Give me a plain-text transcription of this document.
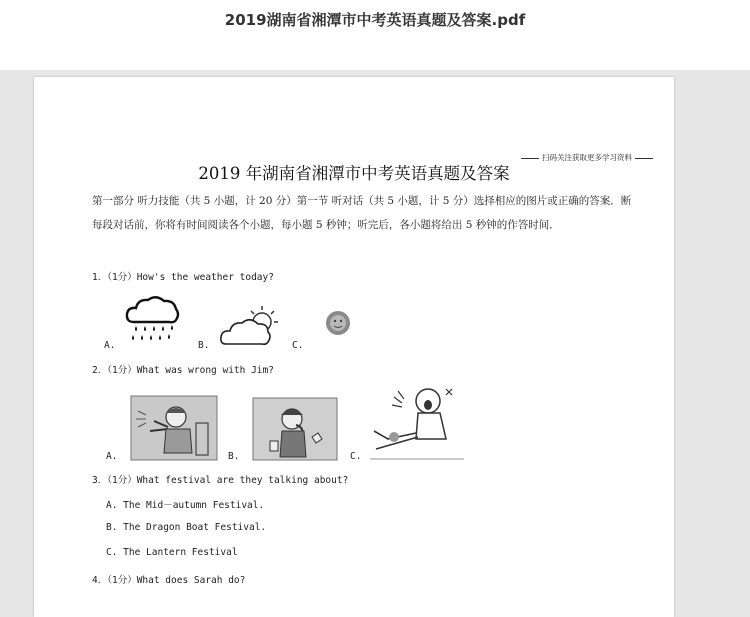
2019湖南省湘潭市中考英语真题及答案.pdf
扫码关注获取更多学习资料
2019 年湖南省湘潭市中考英语真题及答案
第一部分 听力技能（共 5 小题，计 20 分）第一节 听对话（共 5 小题，计 5 分）选择相应的图片或正确的答案．断每段对话前，你将有时间阅读各个小题，每小题 5 秒钟；听完后，各小题将给出 5 秒钟的作答时间．
1．（1分）How's the weather today?
A.	B.	C.
2．（1分）What was wrong with Jim?
A.	B.	C.
3．（1分）What festival are they talking about?
A. The Mid－autumn Festival.
B. The Dragon Boat Festival.
C. The Lantern Festival
4．（1分）What does Sarah do?
